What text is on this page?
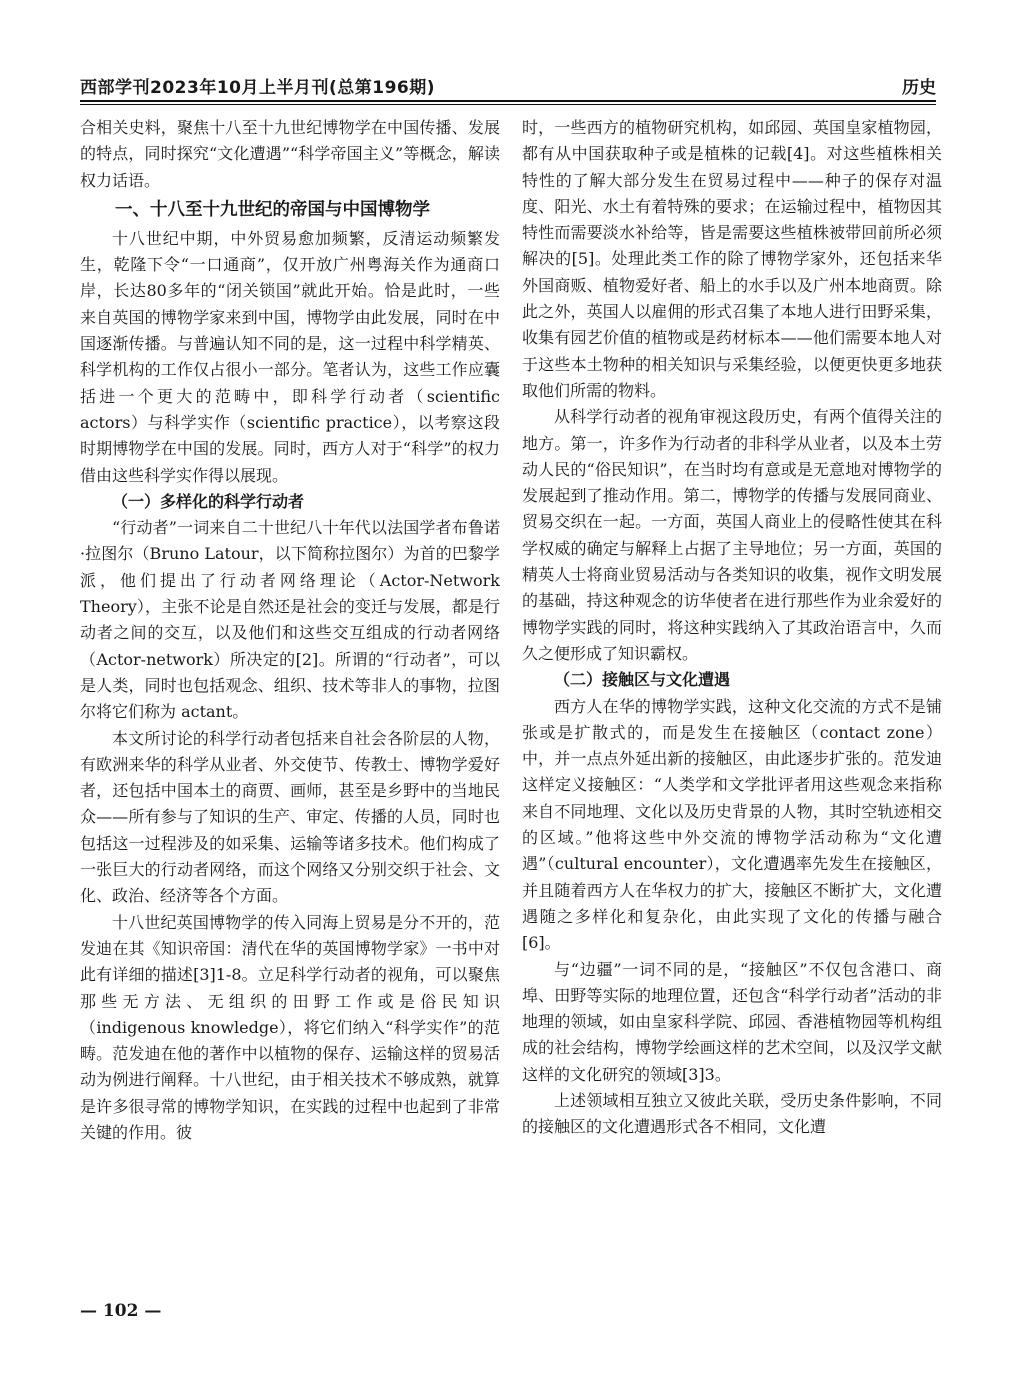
西部学刊2023年10月上半月刊(总第196期)	历史

合相关史料，聚焦十八至十九世纪博物学在中国传播、发展的特点，同时探究“文化遭遇”“科学帝国主义”等概念，解读权力话语。

一、十八至十九世纪的帝国与中国博物学

十八世纪中期，中外贸易愈加频繁，反清运动频繁发生，乾隆下令“一口通商”，仅开放广州粤海关作为通商口岸，长达80多年的“闭关锁国”就此开始。恰是此时，一些来自英国的博物学家来到中国，博物学由此发展，同时在中国逐渐传播。与普遍认知不同的是，这一过程中科学精英、科学机构的工作仅占很小一部分。笔者认为，这些工作应囊括进一个更大的范畴中，即科学行动者（scientific actors）与科学实作（scientific practice），以考察这段时期博物学在中国的发展。同时，西方人对于“科学”的权力借由这些科学实作得以展现。

（一）多样化的科学行动者

“行动者”一词来自二十世纪八十年代以法国学者布鲁诺·拉图尔（Bruno Latour，以下简称拉图尔）为首的巴黎学派，他们提出了行动者网络理论（Actor-Network Theory），主张不论是自然还是社会的变迁与发展，都是行动者之间的交互，以及他们和这些交互组成的行动者网络（Actor-network）所决定的[2]。所谓的“行动者”，可以是人类，同时也包括观念、组织、技术等非人的事物，拉图尔将它们称为 actant。

本文所讨论的科学行动者包括来自社会各阶层的人物，有欧洲来华的科学从业者、外交使节、传教士、博物学爱好者，还包括中国本土的商贾、画师，甚至是乡野中的当地民众——所有参与了知识的生产、审定、传播的人员，同时也包括这一过程涉及的如采集、运输等诸多技术。他们构成了一张巨大的行动者网络，而这个网络又分别交织于社会、文化、政治、经济等各个方面。

十八世纪英国博物学的传入同海上贸易是分不开的，范发迪在其《知识帝国：清代在华的英国博物学家》一书中对此有详细的描述[3]1-8。立足科学行动者的视角，可以聚焦那些无方法、无组织的田野工作或是俗民知识（indigenous knowledge），将它们纳入“科学实作”的范畴。范发迪在他的著作中以植物的保存、运输这样的贸易活动为例进行阐释。十八世纪，由于相关技术不够成熟，就算是许多很寻常的博物学知识，在实践的过程中也起到了非常关键的作用。彼

时，一些西方的植物研究机构，如邱园、英国皇家植物园，都有从中国获取种子或是植株的记载[4]。对这些植株相关特性的了解大部分发生在贸易过程中——种子的保存对温度、阳光、水土有着特殊的要求；在运输过程中，植物因其特性而需要淡水补给等，皆是需要这些植株被带回前所必须解决的[5]。处理此类工作的除了博物学家外，还包括来华外国商贩、植物爱好者、船上的水手以及广州本地商贾。除此之外，英国人以雇佣的形式召集了本地人进行田野采集，收集有园艺价值的植物或是药材标本——他们需要本地人对于这些本土物种的相关知识与采集经验，以便更快更多地获取他们所需的物料。

从科学行动者的视角审视这段历史，有两个值得关注的地方。第一，许多作为行动者的非科学从业者，以及本土劳动人民的“俗民知识”，在当时均有意或是无意地对博物学的发展起到了推动作用。第二，博物学的传播与发展同商业、贸易交织在一起。一方面，英国人商业上的侵略性使其在科学权威的确定与解释上占据了主导地位；另一方面，英国的精英人士将商业贸易活动与各类知识的收集，视作文明发展的基础，持这种观念的访华使者在进行那些作为业余爱好的博物学实践的同时，将这种实践纳入了其政治语言中，久而久之便形成了知识霸权。

（二）接触区与文化遭遇

西方人在华的博物学实践，这种文化交流的方式不是铺张或是扩散式的，而是发生在接触区（contact zone）中，并一点点外延出新的接触区，由此逐步扩张的。范发迪这样定义接触区：“人类学和文学批评者用这些观念来指称来自不同地理、文化以及历史背景的人物，其时空轨迹相交的区域。”他将这些中外交流的博物学活动称为“文化遭遇”（cultural encounter），文化遭遇率先发生在接触区，并且随着西方人在华权力的扩大，接触区不断扩大，文化遭遇随之多样化和复杂化，由此实现了文化的传播与融合[6]。

与“边疆”一词不同的是，“接触区”不仅包含港口、商埠、田野等实际的地理位置，还包含“科学行动者”活动的非地理的领域，如由皇家科学院、邱园、香港植物园等机构组成的社会结构，博物学绘画这样的艺术空间，以及汉学文献这样的文化研究的领域[3]3。

上述领域相互独立又彼此关联，受历史条件影响，不同的接触区的文化遭遇形式各不相同，文化遭

— 102 —
